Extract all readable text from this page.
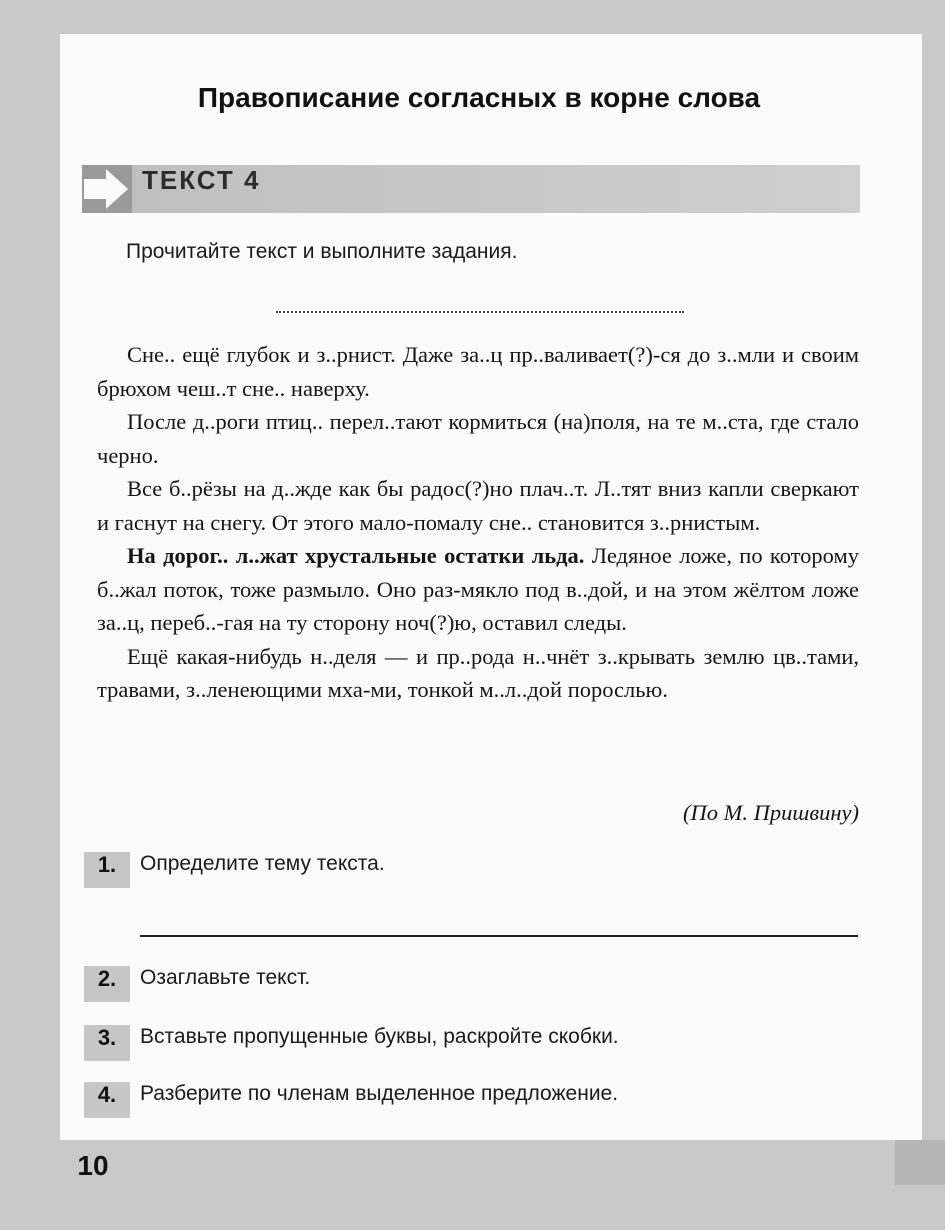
Правописание согласных в корне слова
ТЕКСТ 4
Прочитайте текст и выполните задания.

Сне.. ещё глубок и з..рнист. Даже за..ц пр..валивает(?)-ся до з..мли и своим брюхом чеш..т сне.. наверху.

После д..роги птиц.. перел..тают кормиться (на)поля, на те м..ста, где стало черно.

Все б..рёзы на д..жде как бы радос(?)но плач..т. Л..тят вниз капли сверкают и гаснут на снегу. От этого мало-помалу сне.. становится з..рнистым.

На дорог.. л..жат хрустальные остатки льда. Ледяное ложе, по которому б..жал поток, тоже размыло. Оно раз-мякло под в..дой, и на этом жёлтом ложе за..ц, переб..-гая на ту сторону ноч(?)ю, оставил следы.

Ещё какая-нибудь н..деля — и пр..рода н..чнёт з..крывать землю цв..тами, травами, з..ленеющими мха-ми, тонкой м..л..дой порослью.

(По М. Пришвину)
1.	Определите тему текста.
2.	Озаглавьте текст.
3.	Вставьте пропущенные буквы, раскройте скобки.
4.	Разберите по членам выделенное предложение.
10
